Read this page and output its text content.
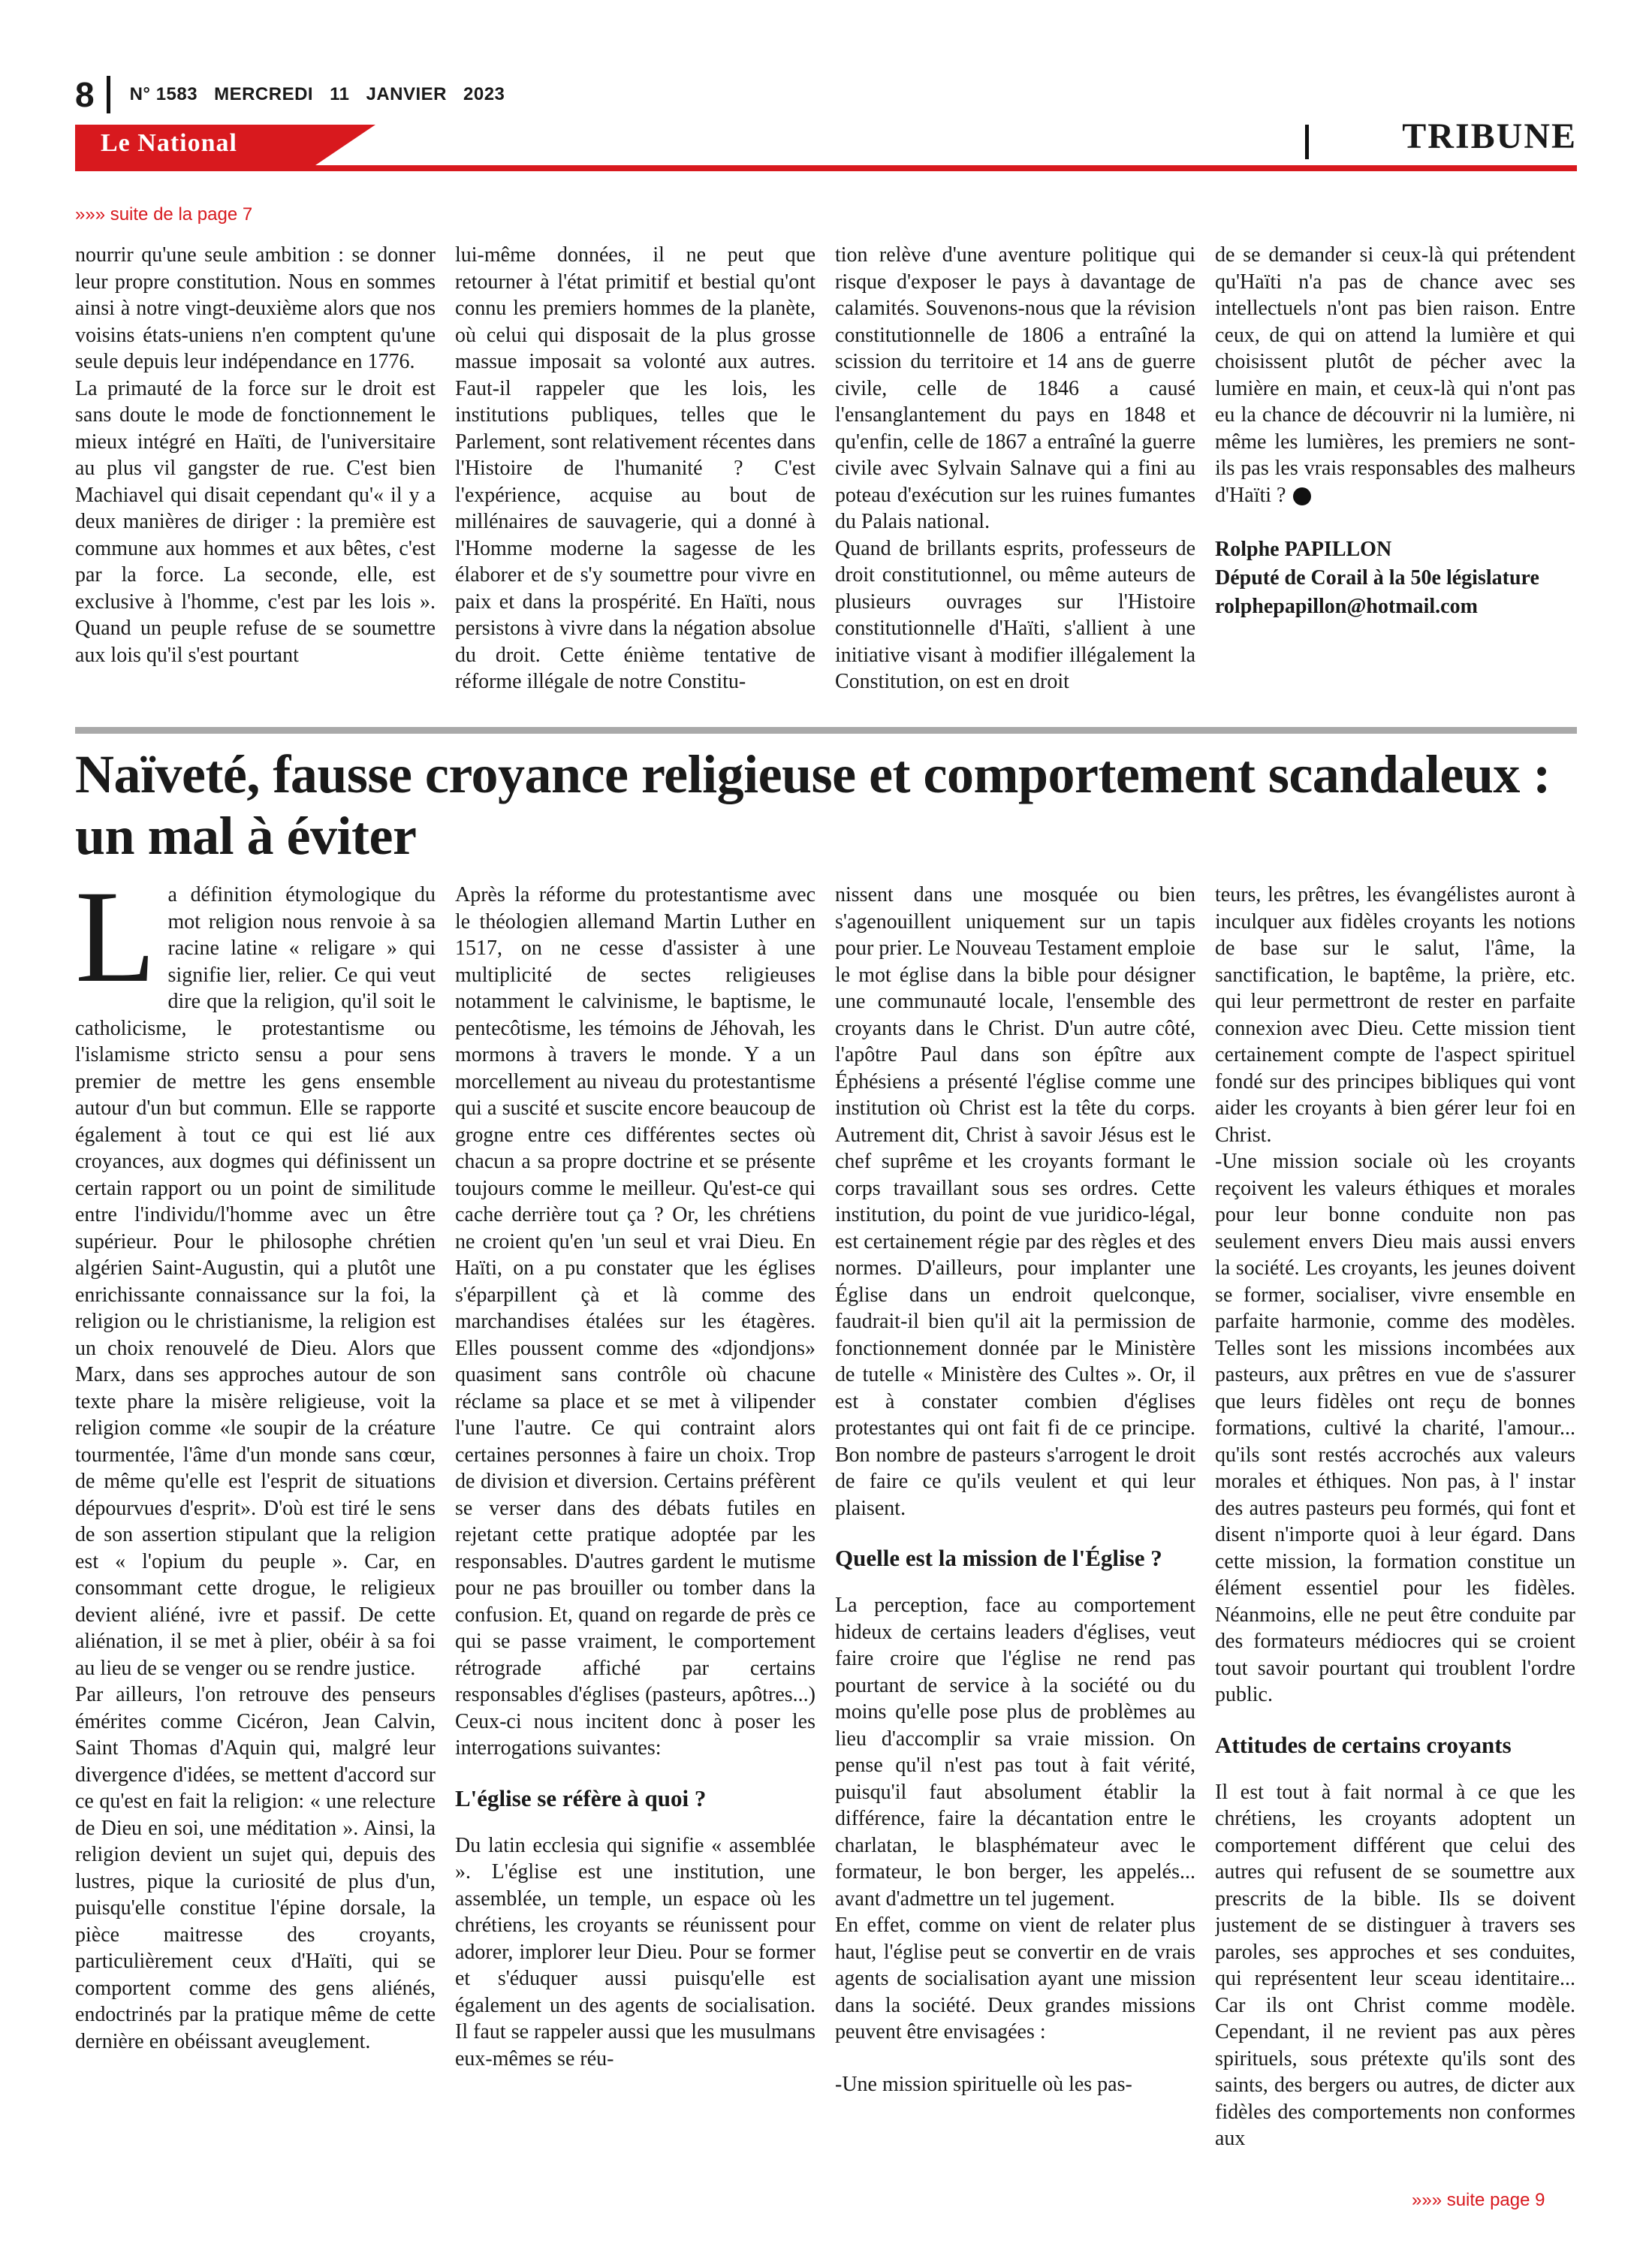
8 N° 1583 MERCREDI 11 JANVIER 2023
Le National	TRIBUNE
»»» suite de la page 7

nourrir qu'une seule ambition : se donner leur propre constitution. Nous en sommes ainsi à notre vingt-deuxième alors que nos voisins états-uniens n'en comptent qu'une seule depuis leur indépendance en 1776.

La primauté de la force sur le droit est sans doute le mode de fonctionnement le mieux intégré en Haïti, de l'universitaire au plus vil gangster de rue. C'est bien Machiavel qui disait cependant qu'« il y a deux manières de diriger : la première est commune aux hommes et aux bêtes, c'est par la force. La seconde, elle, est exclusive à l'homme, c'est par les lois ». Quand un peuple refuse de se soumettre aux lois qu'il s'est pourtant

lui-même données, il ne peut que retourner à l'état primitif et bestial qu'ont connu les premiers hommes de la planète, où celui qui disposait de la plus grosse massue imposait sa volonté aux autres. Faut-il rappeler que les lois, les institutions publiques, telles que le Parlement, sont relativement récentes dans l'Histoire de l'humanité ? C'est l'expérience, acquise au bout de millénaires de sauvagerie, qui a donné à l'Homme moderne la sagesse de les élaborer et de s'y soumettre pour vivre en paix et dans la prospérité. En Haïti, nous persistons à vivre dans la négation absolue du droit. Cette énième tentative de réforme illégale de notre Constitu-

tion relève d'une aventure politique qui risque d'exposer le pays à davantage de calamités. Souvenons-nous que la révision constitutionnelle de 1806 a entraîné la scission du territoire et 14 ans de guerre civile, celle de 1846 a causé l'ensanglantement du pays en 1848 et qu'enfin, celle de 1867 a entraîné la guerre civile avec Sylvain Salnave qui a fini au poteau d'exécution sur les ruines fumantes du Palais national.

Quand de brillants esprits, professeurs de droit constitutionnel, ou même auteurs de plusieurs ouvrages sur l'Histoire constitutionnelle d'Haïti, s'allient à une initiative visant à modifier illégalement la Constitution, on est en droit

de se demander si ceux-là qui prétendent qu'Haïti n'a pas de chance avec ses intellectuels n'ont pas bien raison. Entre ceux, de qui on attend la lumière et qui choisissent plutôt de pécher avec la lumière en main, et ceux-là qui n'ont pas eu la chance de découvrir ni la lumière, ni même les lumières, les premiers ne sont-ils pas les vrais responsables des malheurs d'Haïti ?

Rolphe PAPILLON
Député de Corail à la 50e législature
rolphepapillon@hotmail.com
Naïveté, fausse croyance religieuse et comportement scandaleux : un mal à éviter

La définition étymologique du mot religion nous renvoie à sa racine latine « religare » qui signifie lier, relier. Ce qui veut dire que la religion, qu'il soit le catholicisme, le protestantisme ou l'islamisme stricto sensu a pour sens premier de mettre les gens ensemble autour d'un but commun. Elle se rapporte également à tout ce qui est lié aux croyances, aux dogmes qui définissent un certain rapport ou un point de similitude entre l'individu/l'homme avec un être supérieur. Pour le philosophe chrétien algérien Saint-Augustin, qui a plutôt une enrichissante connaissance sur la foi, la religion ou le christianisme, la religion est un choix renouvelé de Dieu. Alors que Marx, dans ses approches autour de son texte phare la misère religieuse, voit la religion comme «le soupir de la créature tourmentée, l'âme d'un monde sans cœur, de même qu'elle est l'esprit de situations dépourvues d'esprit». D'où est tiré le sens de son assertion stipulant que la religion est « l'opium du peuple ». Car, en consommant cette drogue, le religieux devient aliéné, ivre et passif. De cette aliénation, il se met à plier, obéir à sa foi au lieu de se venger ou se rendre justice.

Par ailleurs, l'on retrouve des penseurs émérites comme Cicéron, Jean Calvin, Saint Thomas d'Aquin qui, malgré leur divergence d'idées, se mettent d'accord sur ce qu'est en fait la religion: « une relecture de Dieu en soi, une méditation ». Ainsi, la religion devient un sujet qui, depuis des lustres, pique la curiosité de plus d'un, puisqu'elle constitue l'épine dorsale, la pièce maitresse des croyants, particulièrement ceux d'Haïti, qui se comportent comme des gens aliénés, endoctrinés par la pratique même de cette dernière en obéissant aveuglement.

Après la réforme du protestantisme avec le théologien allemand Martin Luther en 1517, on ne cesse d'assister à une multiplicité de sectes religieuses notamment le calvinisme, le baptisme, le pentecôtisme, les témoins de Jéhovah, les mormons à travers le monde. Y a un morcellement au niveau du protestantisme qui a suscité et suscite encore beaucoup de grogne entre ces différentes sectes où chacun a sa propre doctrine et se présente toujours comme le meilleur. Qu'est-ce qui cache derrière tout ça ? Or, les chrétiens ne croient qu'en 'un seul et vrai Dieu. En Haïti, on a pu constater que les églises s'éparpillent çà et là comme des marchandises étalées sur les étagères. Elles poussent comme des «djondjons» quasiment sans contrôle où chacune réclame sa place et se met à vilipender l'une l'autre. Ce qui contraint alors certaines personnes à faire un choix. Trop de division et diversion. Certains préfèrent se verser dans des débats futiles en rejetant cette pratique adoptée par les responsables. D'autres gardent le mutisme pour ne pas brouiller ou tomber dans la confusion. Et, quand on regarde de près ce qui se passe vraiment, le comportement rétrograde affiché par certains responsables d'églises (pasteurs, apôtres...) Ceux-ci nous incitent donc à poser les interrogations suivantes:

L'église se réfère à quoi ?

Du latin ecclesia qui signifie « assemblée ». L'église est une institution, une assemblée, un temple, un espace où les chrétiens, les croyants se réunissent pour adorer, implorer leur Dieu. Pour se former et s'éduquer aussi puisqu'elle est également un des agents de socialisation. Il faut se rappeler aussi que les musulmans eux-mêmes se réu-

nissent dans une mosquée ou bien s'agenouillent uniquement sur un tapis pour prier. Le Nouveau Testament emploie le mot église dans la bible pour désigner une communauté locale, l'ensemble des croyants dans le Christ. D'un autre côté, l'apôtre Paul dans son épître aux Éphésiens a présenté l'église comme une institution où Christ est la tête du corps. Autrement dit, Christ à savoir Jésus est le chef suprême et les croyants formant le corps travaillant sous ses ordres. Cette institution, du point de vue juridico-légal, est certainement régie par des règles et des normes. D'ailleurs, pour implanter une Église dans un endroit quelconque, faudrait-il bien qu'il ait la permission de fonctionnement donnée par le Ministère de tutelle « Ministère des Cultes ». Or, il est à constater combien d'églises protestantes qui ont fait fi de ce principe. Bon nombre de pasteurs s'arrogent le droit de faire ce qu'ils veulent et qui leur plaisent.

Quelle est la mission de l'Église ?

La perception, face au comportement hideux de certains leaders d'églises, veut faire croire que l'église ne rend pas pourtant de service à la société ou du moins qu'elle pose plus de problèmes au lieu d'accomplir sa vraie mission. On pense qu'il n'est pas tout à fait vérité, puisqu'il faut absolument établir la différence, faire la décantation entre le charlatan, le blasphémateur avec le formateur, le bon berger, les appelés... avant d'admettre un tel jugement.

En effet, comme on vient de relater plus haut, l'église peut se convertir en de vrais agents de socialisation ayant une mission dans la société. Deux grandes missions peuvent être envisagées :

-Une mission spirituelle où les pas-

teurs, les prêtres, les évangélistes auront à inculquer aux fidèles croyants les notions de base sur le salut, l'âme, la sanctification, le baptême, la prière, etc. qui leur permettront de rester en parfaite connexion avec Dieu. Cette mission tient certainement compte de l'aspect spirituel fondé sur des principes bibliques qui vont aider les croyants à bien gérer leur foi en Christ.

-Une mission sociale où les croyants reçoivent les valeurs éthiques et morales pour leur bonne conduite non pas seulement envers Dieu mais aussi envers la société. Les croyants, les jeunes doivent se former, socialiser, vivre ensemble en parfaite harmonie, comme des modèles. Telles sont les missions incombées aux pasteurs, aux prêtres en vue de s'assurer que leurs fidèles ont reçu de bonnes formations, cultivé la charité, l'amour... qu'ils sont restés accrochés aux valeurs morales et éthiques. Non pas, à l' instar des autres pasteurs peu formés, qui font et disent n'importe quoi à leur égard. Dans cette mission, la formation constitue un élément essentiel pour les fidèles. Néanmoins, elle ne peut être conduite par des formateurs médiocres qui se croient tout savoir pourtant qui troublent l'ordre public.

Attitudes de certains croyants

Il est tout à fait normal à ce que les chrétiens, les croyants adoptent un comportement différent que celui des autres qui refusent de se soumettre aux prescrits de la bible. Ils se doivent justement de se distinguer à travers ses paroles, ses approches et ses conduites, qui représentent leur sceau identitaire... Car ils ont Christ comme modèle. Cependant, il ne revient pas aux pères spirituels, sous prétexte qu'ils sont des saints, des bergers ou autres, de dicter aux fidèles des comportements non conformes aux

»»» suite page 9
